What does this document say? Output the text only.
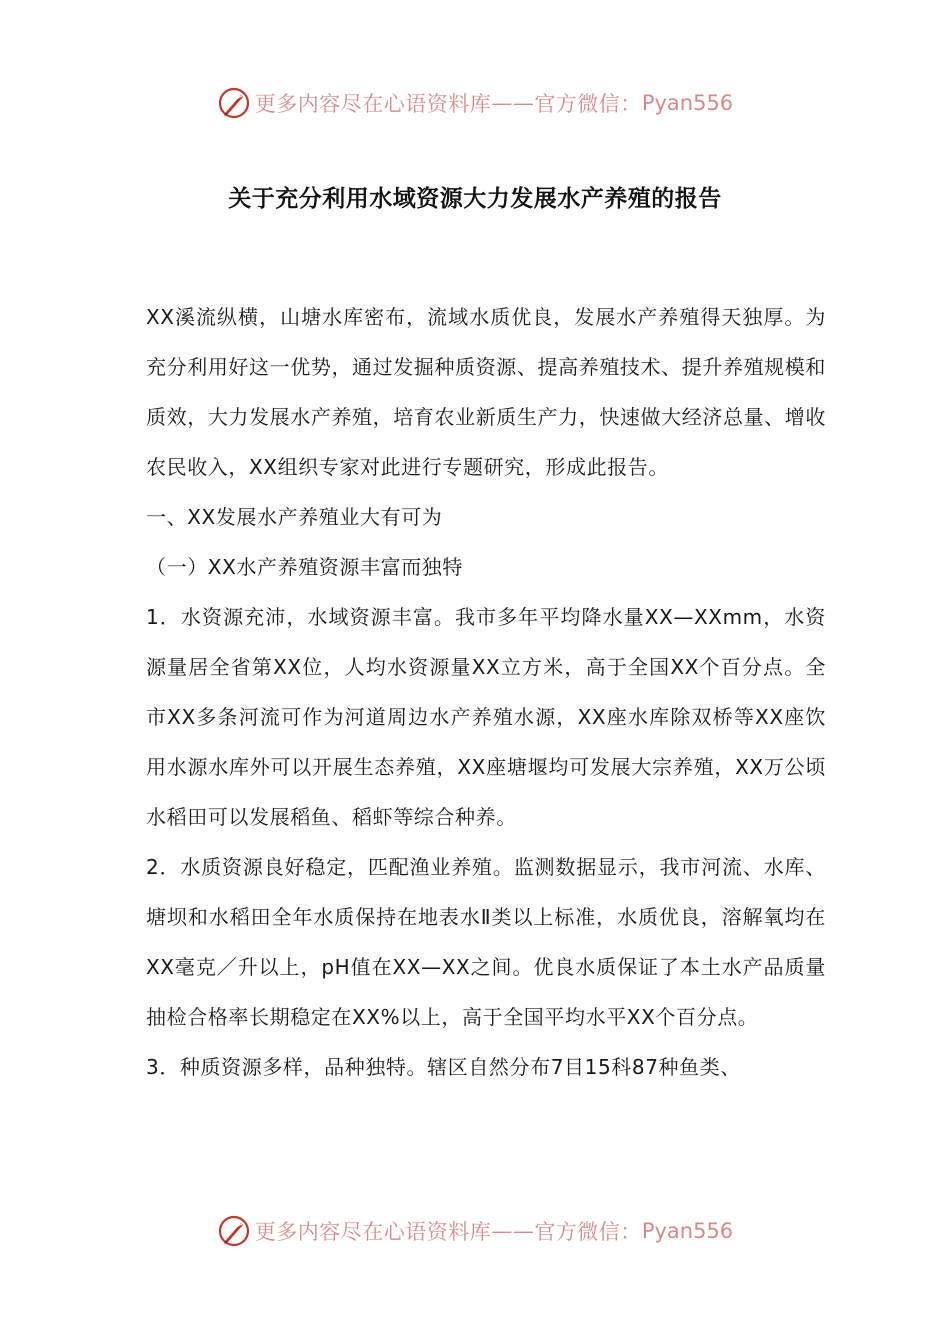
更多内容尽在心语资料库 —— 官方微信： Pyan556
关于充分利用水域资源大力发展水产养殖的报告

XX溪流纵横，山塘水库密布，流域水质优良，发展水产养殖得天独厚。为充分利用好这一优势，通过发掘种质资源、提高养殖技术、提升养殖规模和质效，大力发展水产养殖，培育农业新质生产力，快速做大经济总量、增收农民收入，XX组织专家对此进行专题研究，形成此报告。

一、XX发展水产养殖业大有可为

（一）XX水产养殖资源丰富而独特

1．水资源充沛，水域资源丰富。我市多年平均降水量XX—XXmm，水资源量居全省第XX位，人均水资源量XX立方米，高于全国XX个百分点。全市XX多条河流可作为河道周边水产养殖水源，XX座水库除双桥等XX座饮用水源水库外可以开展生态养殖，XX座塘堰均可发展大宗养殖，XX万公顷水稻田可以发展稻鱼、稻虾等综合种养。

2．水质资源良好稳定，匹配渔业养殖。监测数据显示，我市河流、水库、塘坝和水稻田全年水质保持在地表水Ⅱ类以上标准，水质优良，溶解氧均在XX毫克／升以上，pH值在XX—XX之间。优良水质保证了本土水产品质量抽检合格率长期稳定在XX%以上，高于全国平均水平XX个百分点。

3．种质资源多样，品种独特。辖区自然分布7目15科87种鱼类、

更多内容尽在心语资料库 —— 官方微信： Pyan556
